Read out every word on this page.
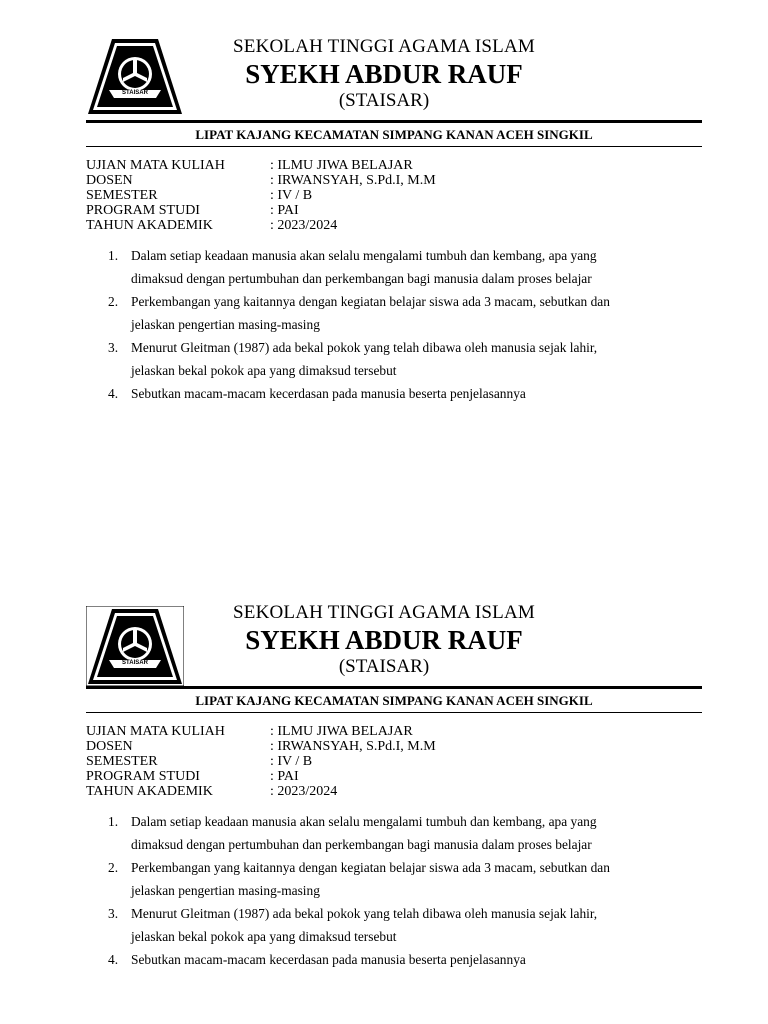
STAISAR
SEKOLAH TINGGI AGAMA ISLAM
SYEKH ABDUR RAUF
(STAISAR)
LIPAT KAJANG KECAMATAN SIMPANG KANAN ACEH SINGKIL
UJIAN MATA KULIAH	: ILMU JIWA BELAJAR
DOSEN	: IRWANSYAH, S.Pd.I, M.M
SEMESTER	: IV / B
PROGRAM STUDI	: PAI
TAHUN AKADEMIK	: 2023/2024
1. Dalam setiap keadaan manusia akan selalu mengalami tumbuh dan kembang, apa yang
dimaksud dengan pertumbuhan dan perkembangan bagi manusia dalam proses belajar
2. Perkembangan yang kaitannya dengan kegiatan belajar siswa ada 3 macam, sebutkan dan
jelaskan pengertian masing-masing
3. Menurut Gleitman (1987) ada bekal pokok yang telah dibawa oleh manusia sejak lahir,
jelaskan bekal pokok apa yang dimaksud tersebut
4. Sebutkan macam-macam kecerdasan pada manusia beserta penjelasannya
STAISAR
SEKOLAH TINGGI AGAMA ISLAM
SYEKH ABDUR RAUF
(STAISAR)
LIPAT KAJANG KECAMATAN SIMPANG KANAN ACEH SINGKIL
UJIAN MATA KULIAH	: ILMU JIWA BELAJAR
DOSEN	: IRWANSYAH, S.Pd.I, M.M
SEMESTER	: IV / B
PROGRAM STUDI	: PAI
TAHUN AKADEMIK	: 2023/2024
1. Dalam setiap keadaan manusia akan selalu mengalami tumbuh dan kembang, apa yang
dimaksud dengan pertumbuhan dan perkembangan bagi manusia dalam proses belajar
2. Perkembangan yang kaitannya dengan kegiatan belajar siswa ada 3 macam, sebutkan dan
jelaskan pengertian masing-masing
3. Menurut Gleitman (1987) ada bekal pokok yang telah dibawa oleh manusia sejak lahir,
jelaskan bekal pokok apa yang dimaksud tersebut
4. Sebutkan macam-macam kecerdasan pada manusia beserta penjelasannya
